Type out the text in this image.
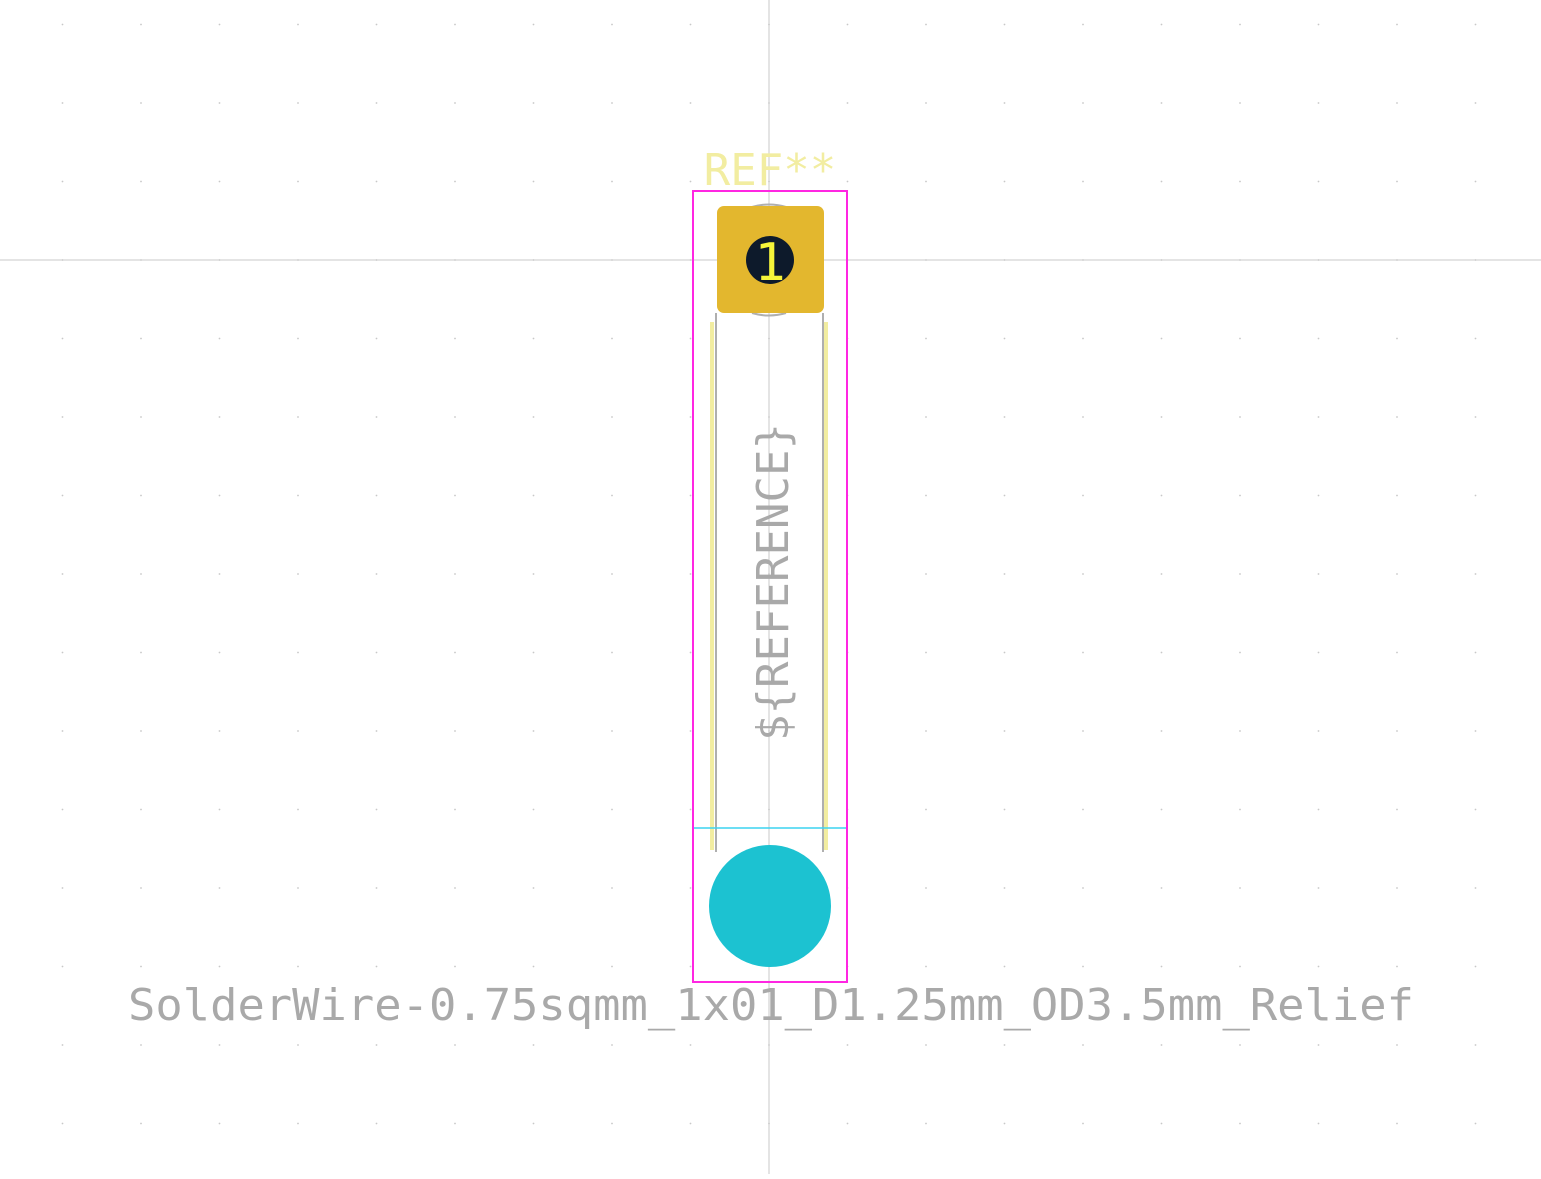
1
REF**
${REFERENCE}
SolderWire-0.75sqmm_1x01_D1.25mm_OD3.5mm_Relief
